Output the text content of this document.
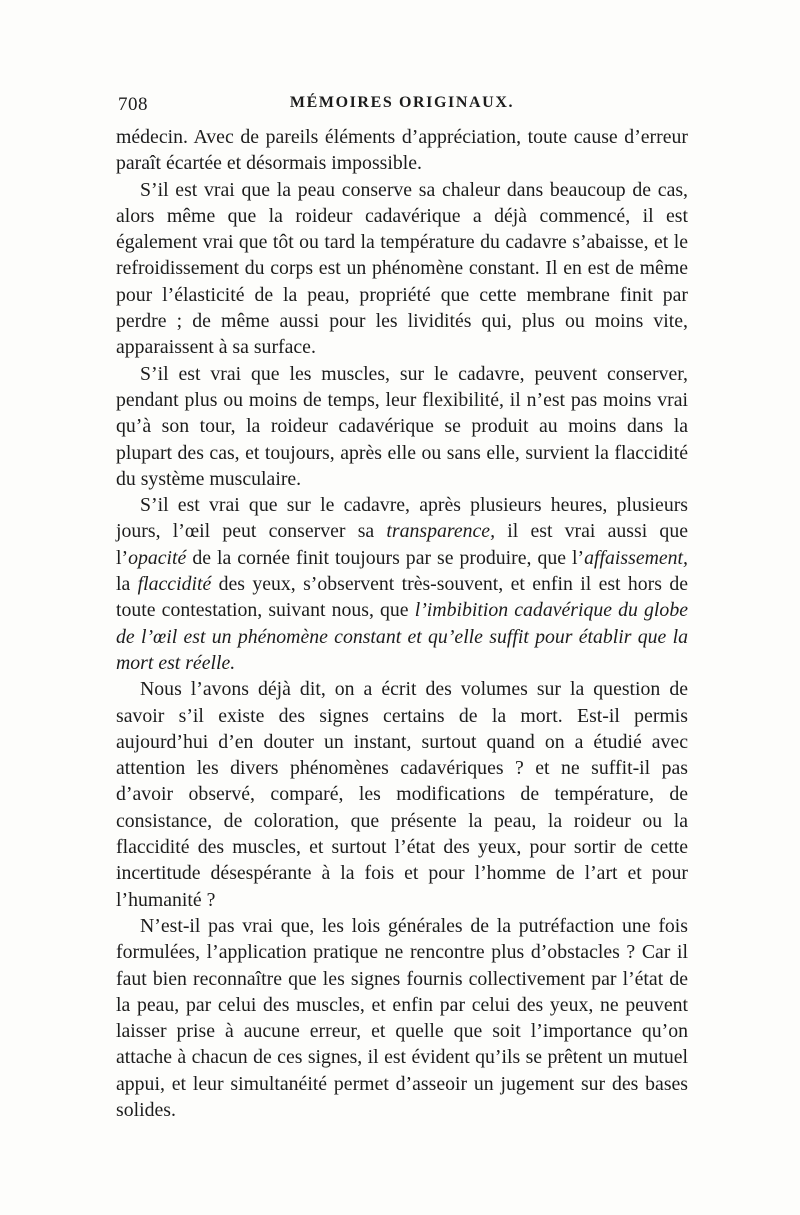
708	MÉMOIRES ORIGINAUX.

médecin. Avec de pareils éléments d’appréciation, toute cause d’erreur paraît écartée et désormais impossible.

S’il est vrai que la peau conserve sa chaleur dans beaucoup de cas, alors même que la roideur cadavérique a déjà commencé, il est également vrai que tôt ou tard la température du cadavre s’abaisse, et le refroidissement du corps est un phénomène constant. Il en est de même pour l’élasticité de la peau, propriété que cette membrane finit par perdre ; de même aussi pour les lividités qui, plus ou moins vite, apparaissent à sa surface.

S’il est vrai que les muscles, sur le cadavre, peuvent conserver, pendant plus ou moins de temps, leur flexibilité, il n’est pas moins vrai qu’à son tour, la roideur cadavérique se produit au moins dans la plupart des cas, et toujours, après elle ou sans elle, survient la flaccidité du système musculaire.

S’il est vrai que sur le cadavre, après plusieurs heures, plusieurs jours, l’œil peut conserver sa transparence, il est vrai aussi que l’opacité de la cornée finit toujours par se produire, que l’affaissement, la flaccidité des yeux, s’observent très-souvent, et enfin il est hors de toute contestation, suivant nous, que l’imbibition cadavérique du globe de l’œil est un phénomène constant et qu’elle suffit pour établir que la mort est réelle.

Nous l’avons déjà dit, on a écrit des volumes sur la question de savoir s’il existe des signes certains de la mort. Est-il permis aujourd’hui d’en douter un instant, surtout quand on a étudié avec attention les divers phénomènes cadavériques ? et ne suffit-il pas d’avoir observé, comparé, les modifications de température, de consistance, de coloration, que présente la peau, la roideur ou la flaccidité des muscles, et surtout l’état des yeux, pour sortir de cette incertitude désespérante à la fois et pour l’homme de l’art et pour l’humanité ?

N’est-il pas vrai que, les lois générales de la putréfaction une fois formulées, l’application pratique ne rencontre plus d’obstacles ? Car il faut bien reconnaître que les signes fournis collectivement par l’état de la peau, par celui des muscles, et enfin par celui des yeux, ne peuvent laisser prise à aucune erreur, et quelle que soit l’importance qu’on attache à chacun de ces signes, il est évident qu’ils se prêtent un mutuel appui, et leur simultanéité permet d’asseoir un jugement sur des bases solides.
